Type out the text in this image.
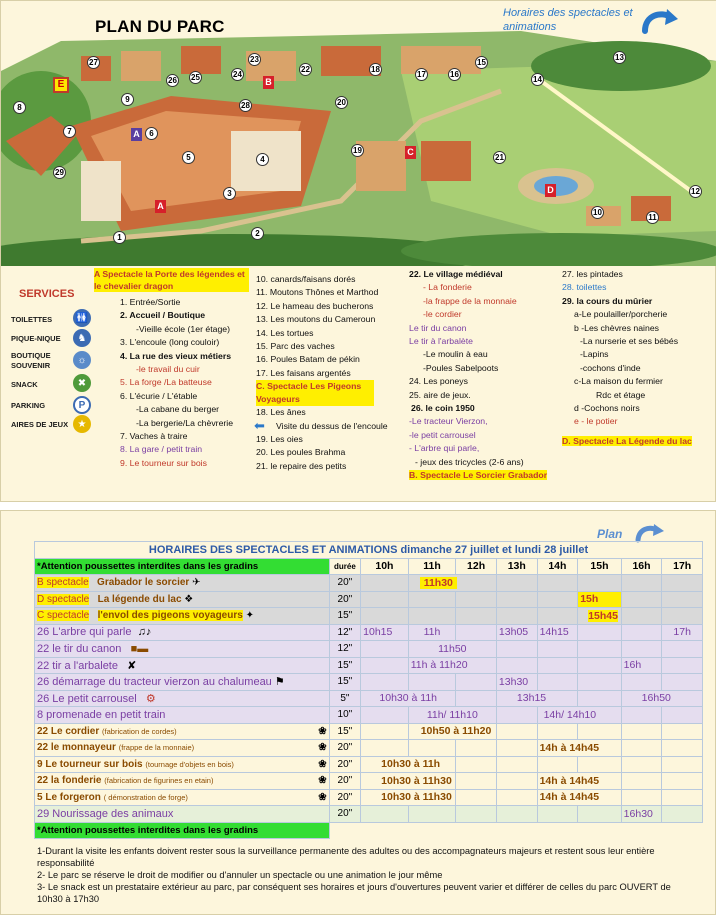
PLAN DU PARC
Horaires des spectacles et animations
E
27
26 25	24
23
22	18
17	16
15
14
13
12
11
10
28
19
20
21
29
4
3
5
6
7
8
9
2
1
A
A
B
C
D
SERVICES
TOILETTES 🚻
PIQUE-NIQUE	♞
BOUTIQUE SOUVENIR	☼
SNACK	✖
PARKING	P
AIRES DE JEUX ★
A Spectacle la Porte des légendes et le chevalier dragon
1. Entrée/Sortie
2. Accueil / Boutique
-Vieille école (1er étage)
3. L'encoule (long couloir)
4. La rue des vieux métiers
-le travail du cuir
5. La forge /La batteuse
6. L'écurie / L'étable
-La cabane du berger
-La bergerie/La chèvrerie
7. Vaches à traire
8. La gare / petit train
9. Le tourneur sur bois
10. canards/faisans dorés
11. Moutons Thônes et Marthod
12. Le hameau des bucherons
13. Les moutons du Cameroun
14. Les tortues
15. Parc des vaches
16. Poules Batam de pékin
17. Les faisans argentés
C. Spectacle Les Pigeons Voyageurs
18. Les ânes
⬅ Visite du dessus de l'encoule
19. Les oies
20. Les poules Brahma
21. le repaire des petits
22. Le village médiéval
- La fonderie
-la frappe de la monnaie
-le cordier
Le tir du canon
Le tir à l'arbalète
-Le moulin à eau
-Poules Sabelpoots
24. Les poneys
25. aire de jeux.
26. le coin 1950
-Le tracteur Vierzon,
-le petit carrousel
- L'arbre qui parle,
- jeux des tricycles (2-6 ans)
B. Spectacle Le Sorcier Grabador
27. les pintades
28. toilettes
29. la cours du mûrier
a-Le poulailler/porcherie
b -Les chèvres naines
-La nurserie et ses bébés
-Lapins
-cochons d'inde
c-La maison du fermier
Rdc et étage
d -Cochons noirs
e - le potier
D. Spectacle La Légende du lac
Plan
HORAIRES DES SPECTACLES ET ANIMATIONS dimanche 27 juillet et lundi 28 juillet									
*Attention poussettes interdites dans les gradins	durée	10h	11h	12h	13h	14h	15h	16h	17h
B spectacle Grabador le sorcier ✈	20"		11h30						
D spectacle La légende du lac ❖	20"						15h		
C spectacle l'envol des pigeons voyageurs ✦	15"						15h45		
26 L'arbre qui parle ♫♪	12"	10h15	11h		13h05	14h15			17h
22 le tir du canon ■▬	12"		11h50						
22 tir a l'arbalete ✘	15"		11h à 11h20					16h	
26 démarrage du tracteur vierzon au chalumeau ⚑	15"				13h30				
26 Le petit carrousel ⚙	5"	10h30 à 11h			13h15			16h50	
8 promenade en petit train	10"		11h/ 11h10			14h/ 14h10			
22 Le cordier (fabrication de cordes) ❀	15"		10h50 à 11h20						
22 le monnayeur (frappe de la monnaie) ❀	20"					14h à 14h45			
9 Le tourneur sur bois (tournage d'objets en bois) ❀	20"	10h30 à 11h							
22 la fonderie (fabrication de figurines en etain) ❀	20"	10h30 à 11h30				14h à 14h45			
5 Le forgeron ( démonstration de forge) ❀	20"	10h30 à 11h30				14h à 14h45			
29 Nourissage des animaux	20"							16h30	
*Attention poussettes interdites dans les gradins									
1-Durant la visite les enfants doivent rester sous la surveillance permanente des adultes ou des accompagnateurs majeurs et restent sous leur entière responsabilité
2- Le parc se réserve le droit de modifier ou d'annuler un spectacle ou une animation le jour même
3- Le snack est un prestataire extérieur au parc, par conséquent ses horaires et jours d'ouvertures peuvent varier et différer de celles du parc OUVERT de 10h30 à 17h30
